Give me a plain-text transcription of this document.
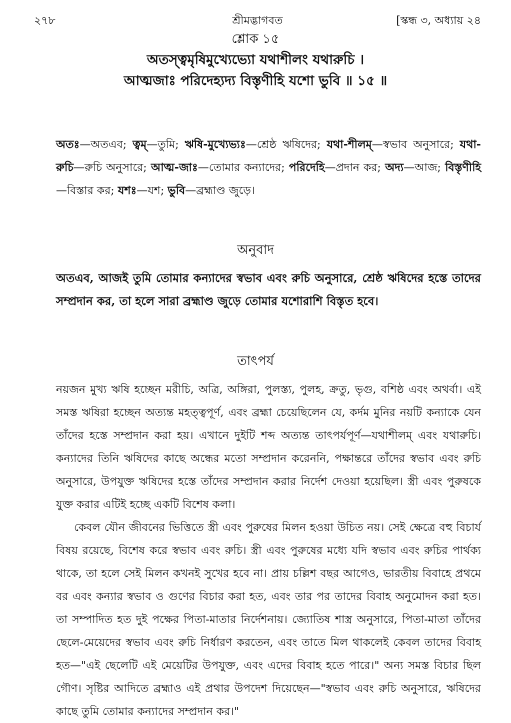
২৭৮	শ্রীমদ্ভাগবত	[স্কন্ধ ৩, অধ্যায় ২৪
শ্লোক ১৫
অতস্ত্বমৃষিমুখ্যেভ্যো যথাশীলং যথারুচি ।
আত্মজাঃ পরিদেহ্যদ্য বিস্তৃণীহি যশো ভুবি ॥ ১৫ ॥
অতঃ—অতএব; ত্বম্—তুমি; ঋষি-মুখ্যেভ্যঃ—শ্রেষ্ঠ ঋষিদের; যথা-শীলম্—স্বভাব অনুসারে; যথা-রুচি—রুচি অনুসারে; আত্ম-জাঃ—তোমার কন্যাদের; পরিদেহি—প্রদান কর; অদ্য—আজ; বিস্তৃণীহি—বিস্তার কর; যশঃ—যশ; ভুবি—ব্রহ্মাণ্ড জুড়ে।
অনুবাদ
অতএব, আজই তুমি তোমার কন্যাদের স্বভাব এবং রুচি অনুসারে, শ্রেষ্ঠ ঋষিদের হস্তে তাদের সম্প্রদান কর, তা হলে সারা ব্রহ্মাণ্ড জুড়ে তোমার যশোরাশি বিস্তৃত হবে।
তাৎপর্য

নয়জন মুখ্য ঋষি হচ্ছেন মরীচি, অত্রি, অঙ্গিরা, পুলস্ত্য, পুলহ, ক্রতু, ভৃগু, বশিষ্ঠ এবং অথর্বা। এই সমস্ত ঋষিরা হচ্ছেন অত্যন্ত মহত্ত্বপূর্ণ, এবং ব্রহ্মা চেয়েছিলেন যে, কর্দম মুনির নয়টি কন্যাকে যেন তাঁদের হস্তে সম্প্রদান করা হয়। এখানে দুইটি শব্দ অত্যন্ত তাৎপর্যপূর্ণ—যথাশীলম্ এবং যথারুচি। কন্যাদের তিনি ঋষিদের কাছে অন্ধের মতো সম্প্রদান করেননি, পক্ষান্তরে তাঁদের স্বভাব এবং রুচি অনুসারে, উপযুক্ত ঋষিদের হস্তে তাঁদের সম্প্রদান করার নির্দেশ দেওয়া হয়েছিল। স্ত্রী এবং পুরুষকে যুক্ত করার এটিই হচ্ছে একটি বিশেষ কলা।

কেবল যৌন জীবনের ভিত্তিতে স্ত্রী এবং পুরুষের মিলন হওয়া উচিত নয়। সেই ক্ষেত্রে বহু বিচার্য বিষয় রয়েছে, বিশেষ করে স্বভাব এবং রুচি। স্ত্রী এবং পুরুষের মধ্যে যদি স্বভাব এবং রুচির পার্থক্য থাকে, তা হলে সেই মিলন কখনই সুখের হবে না। প্রায় চল্লিশ বছর আগেও, ভারতীয় বিবাহে প্রথমে বর এবং কন্যার স্বভাব ও গুণের বিচার করা হত, এবং তার পর তাদের বিবাহ অনুমোদন করা হত। তা সম্পাদিত হত দুই পক্ষের পিতা-মাতার নির্দেশনায়। জ্যোতিষ শাস্ত্র অনুসারে, পিতা-মাতা তাঁদের ছেলে-মেয়েদের স্বভাব এবং রুচি নির্ধারণ করতেন, এবং তাতে মিল থাকলেই কেবল তাদের বিবাহ হত—"এই ছেলেটি এই মেয়েটির উপযুক্ত, এবং এদের বিবাহ হতে পারে।" অন্য সমস্ত বিচার ছিল গৌণ। সৃষ্টির আদিতে ব্রহ্মাও এই প্রথার উপদেশ দিয়েছেন—"স্বভাব এবং রুচি অনুসারে, ঋষিদের কাছে তুমি তোমার কন্যাদের সম্প্রদান কর।"
